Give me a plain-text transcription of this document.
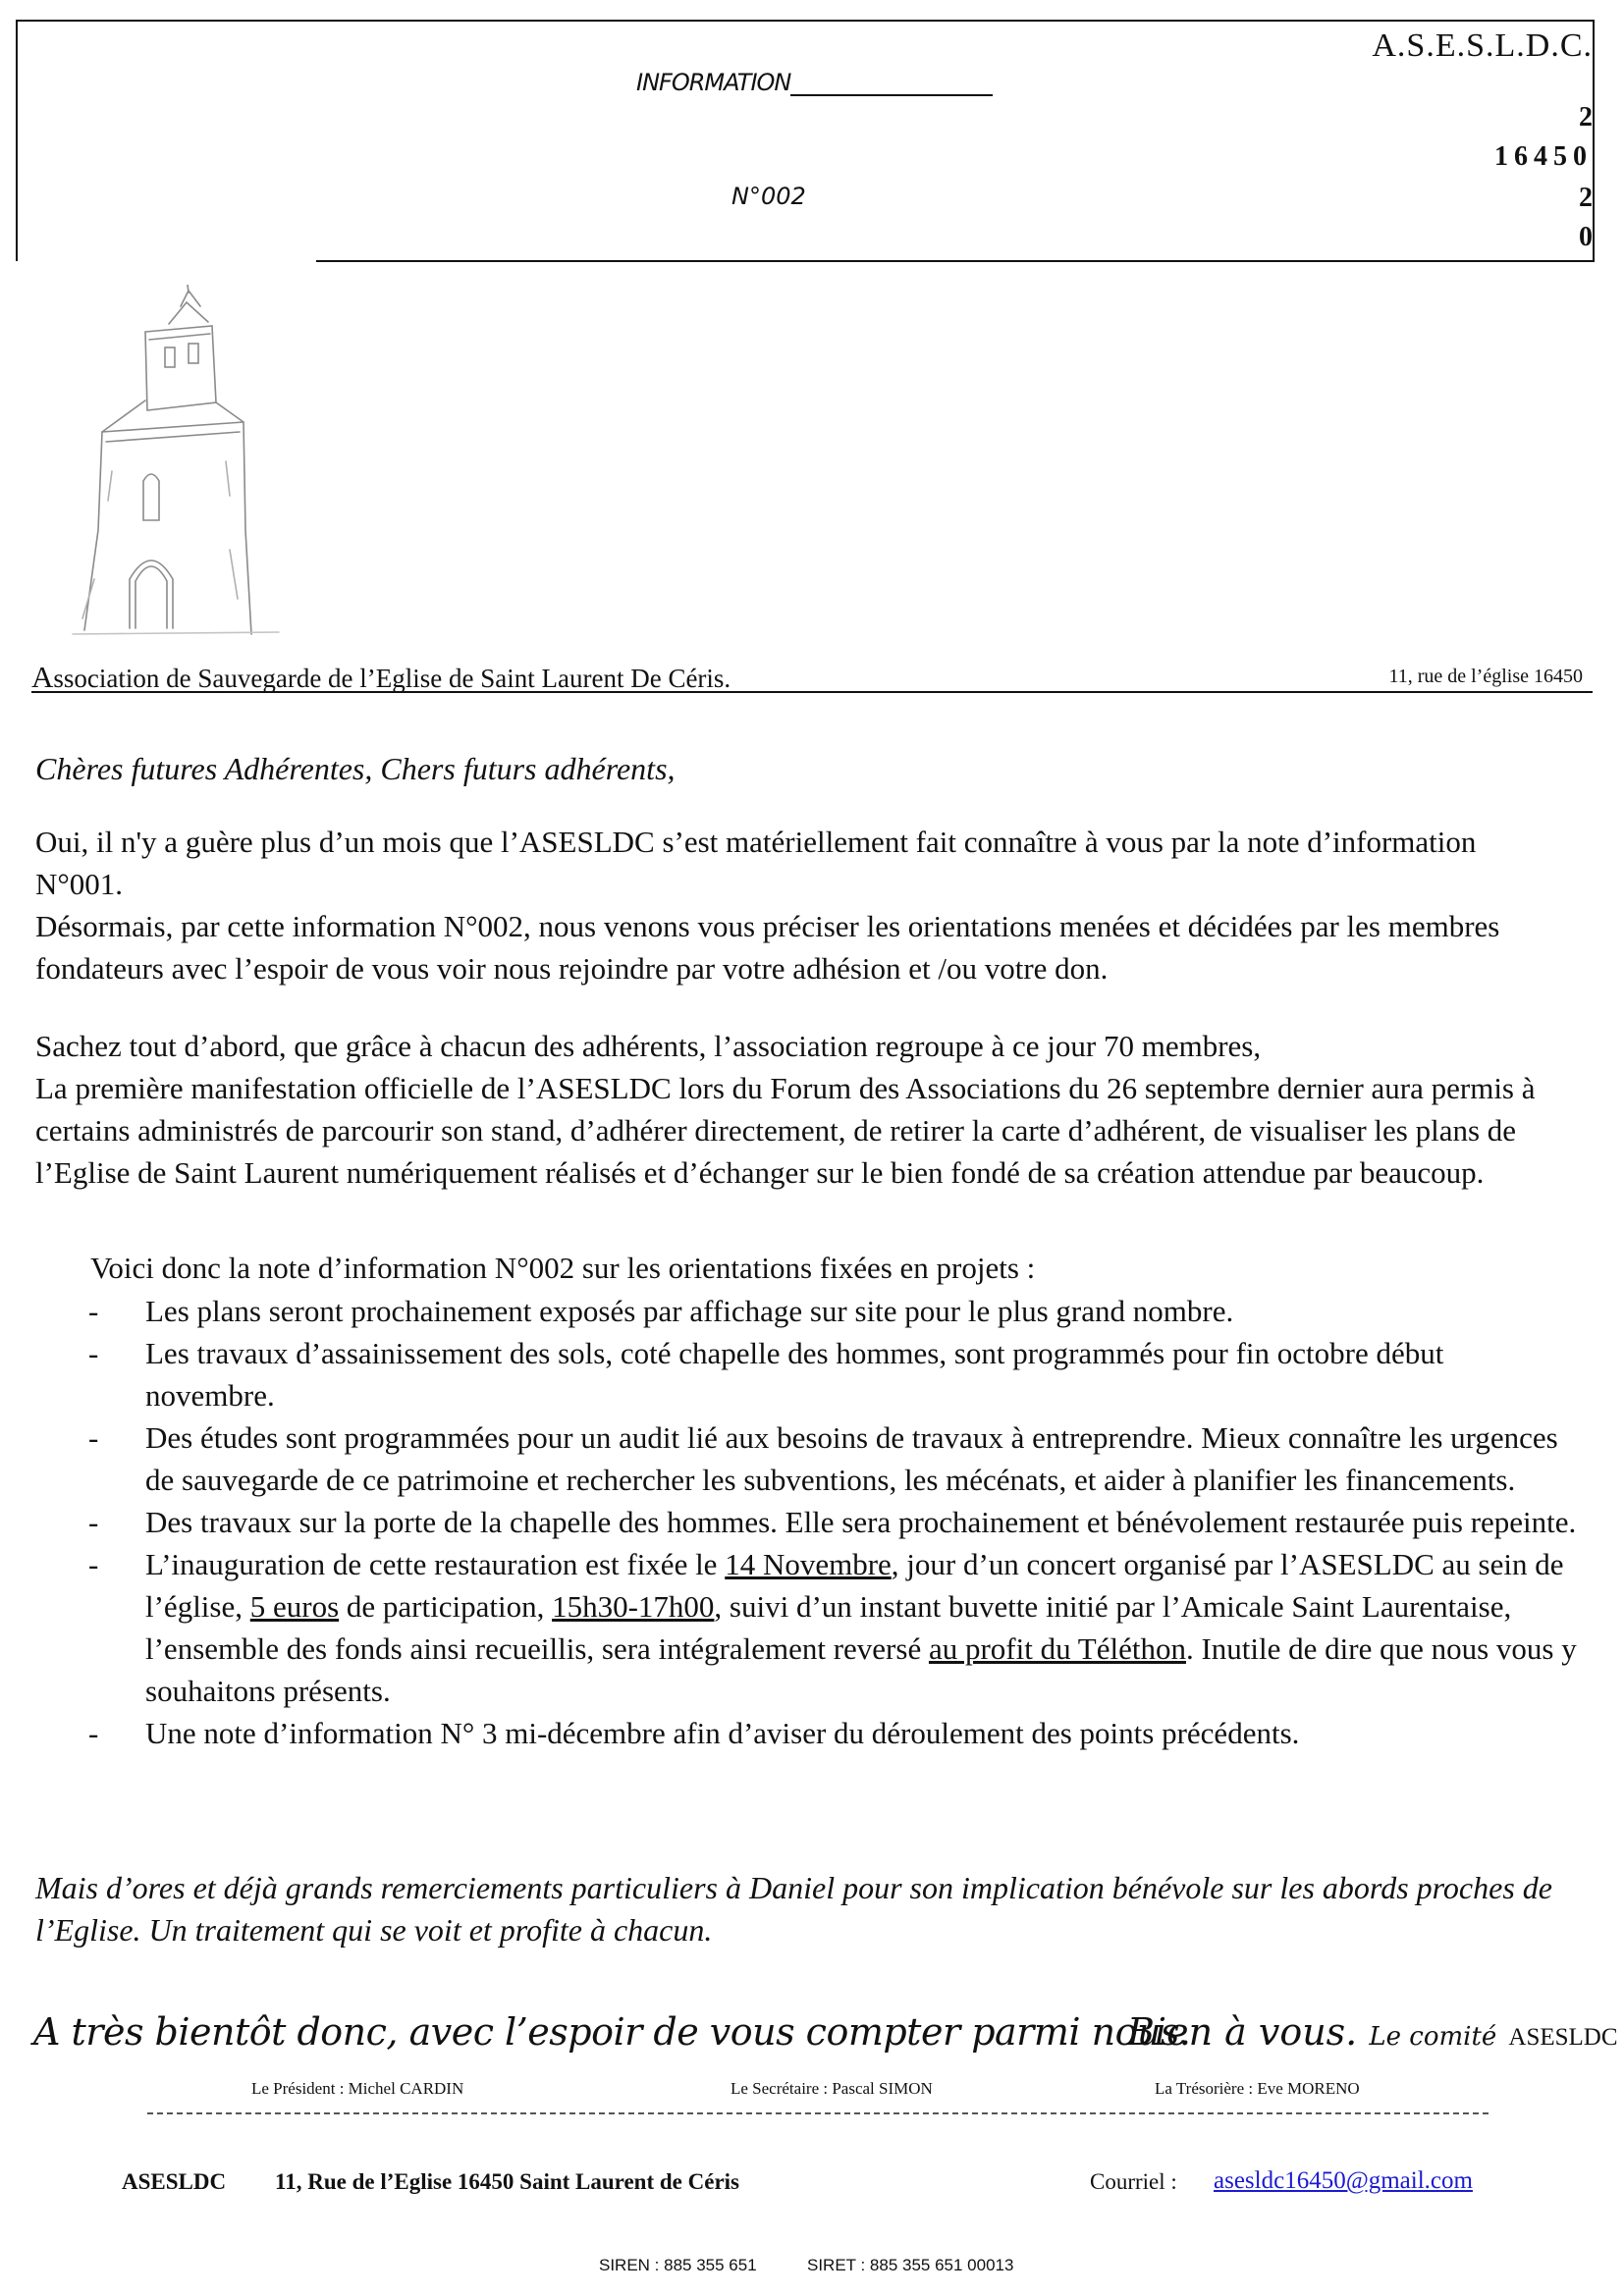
INFORMATION
N°002
A.S.E.S.L.D.C.
2
16450
2
0
Association de Sauvegarde de l’Eglise de Saint Laurent De Céris.	11, rue de l’église 16450
Chères futures Adhérentes, Chers futurs adhérents,
Oui, il n'y a guère plus d’un mois que l’ASESLDC s’est matériellement fait connaître à vous par la note d’information N°001.
Désormais, par cette information N°002, nous venons vous préciser les orientations menées et décidées par les membres fondateurs avec l’espoir de vous voir nous rejoindre par votre adhésion et /ou votre don.
Sachez tout d’abord, que grâce à chacun des adhérents, l’association regroupe à ce jour 70 membres,
La première manifestation officielle de l’ASESLDC lors du Forum des Associations du 26 septembre dernier aura permis à certains administrés de parcourir son stand, d’adhérer directement, de retirer la carte d’adhérent, de visualiser les plans de l’Eglise de Saint Laurent numériquement réalisés et d’échanger sur le bien fondé de sa création attendue par beaucoup.
Voici donc la note d’information N°002 sur les orientations fixées en projets :
- Les plans seront prochainement exposés par affichage sur site pour le plus grand nombre.
- Les travaux d’assainissement des sols, coté chapelle des hommes, sont programmés pour fin octobre début novembre.
- Des études sont programmées pour un audit lié aux besoins de travaux à entreprendre. Mieux connaître les urgences de sauvegarde de ce patrimoine et rechercher les subventions, les mécénats, et aider à planifier les financements.
- Des travaux sur la porte de la chapelle des hommes. Elle sera prochainement et bénévolement restaurée puis repeinte.
- L’inauguration de cette restauration est fixée le 14 Novembre, jour d’un concert organisé par l’ASESLDC au sein de l’église, 5 euros de participation, 15h30-17h00, suivi d’un instant buvette initié par l’Amicale Saint Laurentaise, l’ensemble des fonds ainsi recueillis, sera intégralement reversé au profit du Téléthon. Inutile de dire que nous vous y souhaitons présents.
- Une note d’information N° 3 mi-décembre afin d’aviser du déroulement des points précédents.
Mais d’ores et déjà grands remerciements particuliers à Daniel pour son implication bénévole sur les abords proches de l’Eglise. Un traitement qui se voit et profite à chacun.
A très bientôt donc, avec l’espoir de vous compter parmi nous.
Bien à vous. Le comité ASESLDC
Le Président : Michel CARDIN	Le Secrétaire : Pascal SIMON	La Trésorière : Eve MORENO
ASESLDC 11, Rue de l’Eglise 16450 Saint Laurent de Céris	Courriel : asesldc16450@gmail.com
SIREN : 885 355 651	SIRET : 885 355 651 00013
